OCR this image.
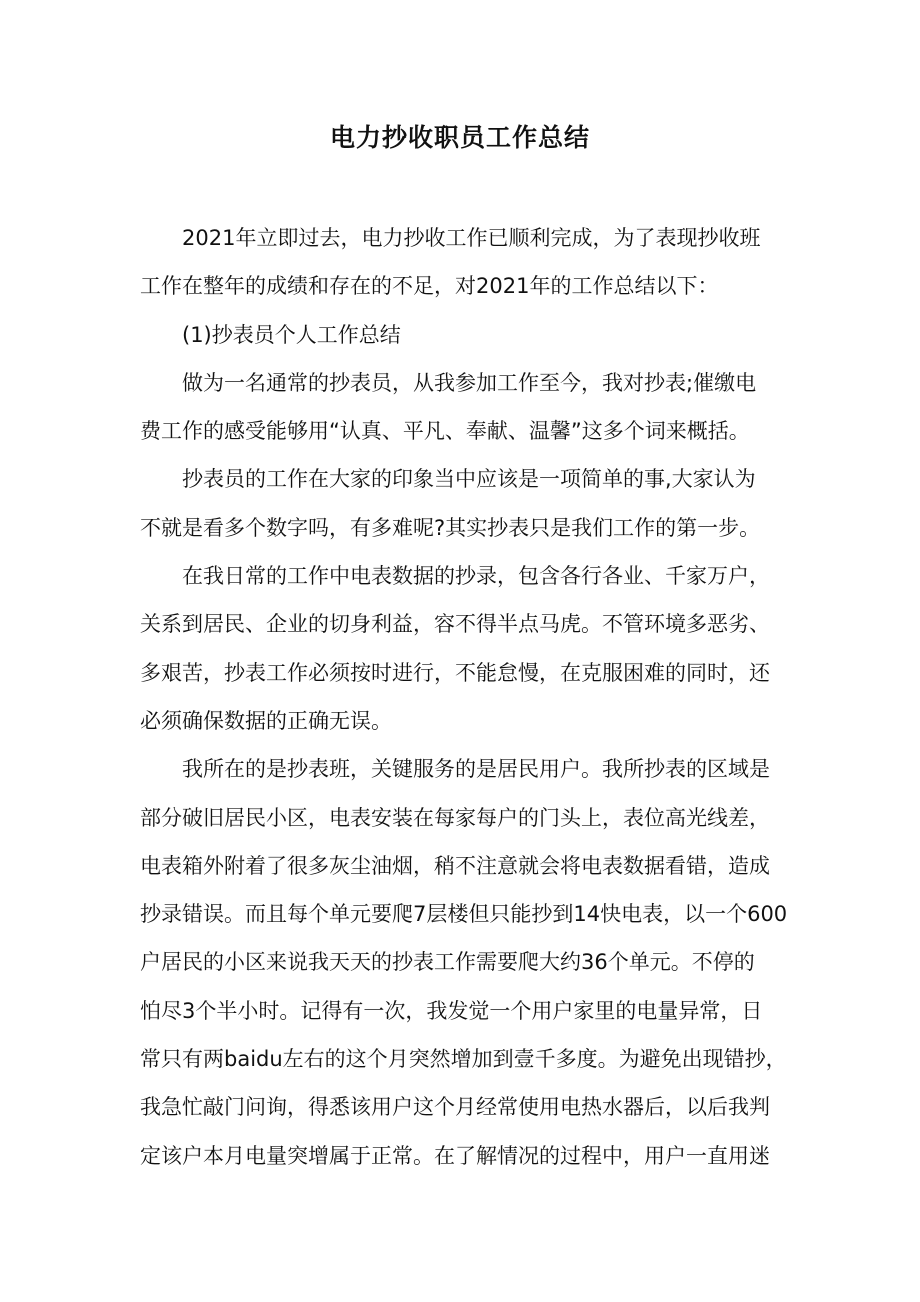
电力抄收职员工作总结
2021年立即过去，电力抄收工作已顺利完成，为了表现抄收班
工作在整年的成绩和存在的不足，对2021年的工作总结以下：
(1)抄表员个人工作总结
做为一名通常的抄表员，从我参加工作至今，我对抄表;催缴电
费工作的感受能够用“认真、平凡、奉献、温馨”这多个词来概括。
抄表员的工作在大家的印象当中应该是一项简单的事,大家认为
不就是看多个数字吗，有多难呢?其实抄表只是我们工作的第一步。
在我日常的工作中电表数据的抄录，包含各行各业、千家万户，
关系到居民、企业的切身利益，容不得半点马虎。不管环境多恶劣、
多艰苦，抄表工作必须按时进行，不能怠慢，在克服困难的同时，还
必须确保数据的正确无误。
我所在的是抄表班，关键服务的是居民用户。我所抄表的区域是
部分破旧居民小区，电表安装在每家每户的门头上，表位高光线差，
电表箱外附着了很多灰尘油烟，稍不注意就会将电表数据看错，造成
抄录错误。而且每个单元要爬7层楼但只能抄到14快电表，以一个600
户居民的小区来说我天天的抄表工作需要爬大约36个单元。不停的
怕尽3个半小时。记得有一次，我发觉一个用户家里的电量异常，日
常只有两baidu左右的这个月突然增加到壹千多度。为避免出现错抄，
我急忙敲门问询，得悉该用户这个月经常使用电热水器后，以后我判
定该户本月电量突增属于正常。在了解情况的过程中，用户一直用迷
